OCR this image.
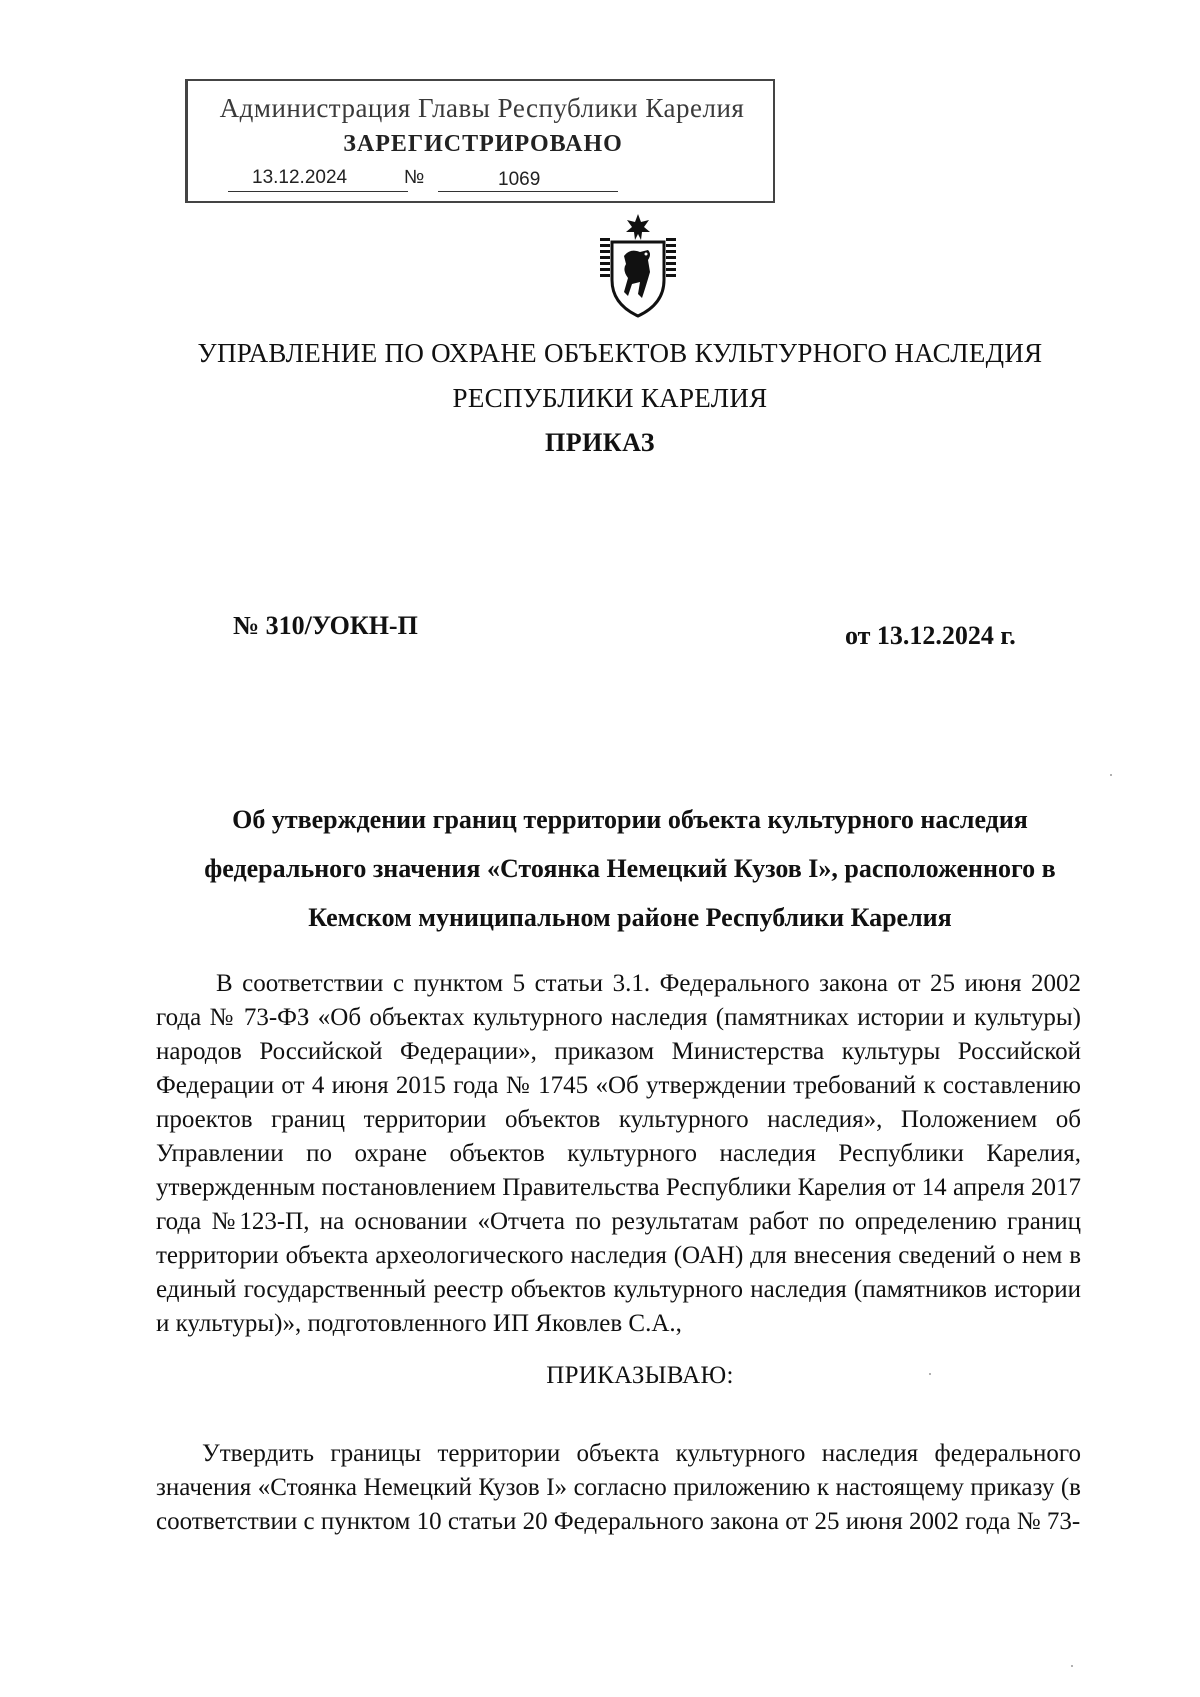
Администрация Главы Республики Карелия
ЗАРЕГИСТРИРОВАНО
13.12.2024	№	1069
УПРАВЛЕНИЕ ПО ОХРАНЕ ОБЪЕКТОВ КУЛЬТУРНОГО НАСЛЕДИЯ
РЕСПУБЛИКИ КАРЕЛИЯ
ПРИКАЗ
№ 310/УОКН-П	от 13.12.2024 г.
Об утверждении границ территории объекта культурного наследия федерального значения «Стоянка Немецкий Кузов I», расположенного в Кемском муниципальном районе Республики Карелия
В соответствии с пунктом 5 статьи 3.1. Федерального закона от 25 июня 2002 года № 73-ФЗ «Об объектах культурного наследия (памятниках истории и культуры) народов Российской Федерации», приказом Министерства культуры Российской Федерации от 4 июня 2015 года № 1745 «Об утверждении требований к составлению проектов границ территории объектов культурного наследия», Положением об Управлении по охране объектов культурного наследия Республики Карелия, утвержденным постановлением Правительства Республики Карелия от 14 апреля 2017 года №123-П, на основании «Отчета по результатам работ по определению границ территории объекта археологического наследия (ОАН) для внесения сведений о нем в единый государственный реестр объектов культурного наследия (памятников истории и культуры)», подготовленного ИП Яковлев С.А.,
ПРИКАЗЫВАЮ:
Утвердить границы территории объекта культурного наследия федерального значения «Стоянка Немецкий Кузов I» согласно приложению к настоящему приказу (в соответствии с пунктом 10 статьи 20 Федерального закона от 25 июня 2002 года № 73-
